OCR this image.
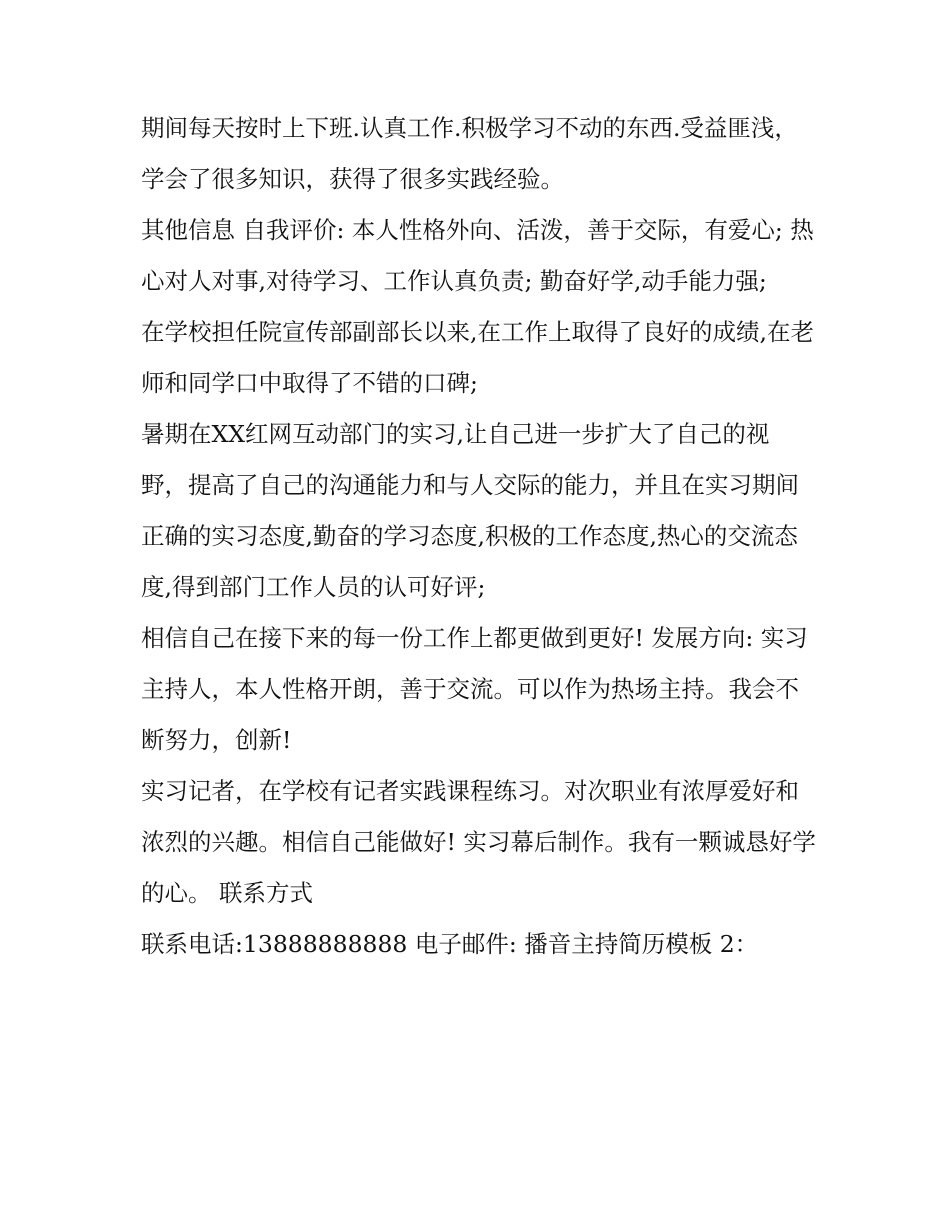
期间每天按时上下班.认真工作.积极学习不动的东西.受益匪浅，学会了很多知识，获得了很多实践经验。

其他信息 自我评价: 本人性格外向、活泼，善于交际，有爱心; 热心对人对事,对待学习、工作认真负责; 勤奋好学,动手能力强;

在学校担任院宣传部副部长以来,在工作上取得了良好的成绩,在老师和同学口中取得了不错的口碑;

暑期在XX红网互动部门的实习,让自己进一步扩大了自己的视野，提高了自己的沟通能力和与人交际的能力，并且在实习期间正确的实习态度,勤奋的学习态度,积极的工作态度,热心的交流态度,得到部门工作人员的认可好评;

相信自己在接下来的每一份工作上都更做到更好! 发展方向: 实习主持人，本人性格开朗，善于交流。可以作为热场主持。我会不断努力，创新!

实习记者，在学校有记者实践课程练习。对次职业有浓厚爱好和浓烈的兴趣。相信自己能做好! 实习幕后制作。我有一颗诚恳好学的心。 联系方式

联系电话:13888888888 电子邮件: 播音主持简历模板 2：
